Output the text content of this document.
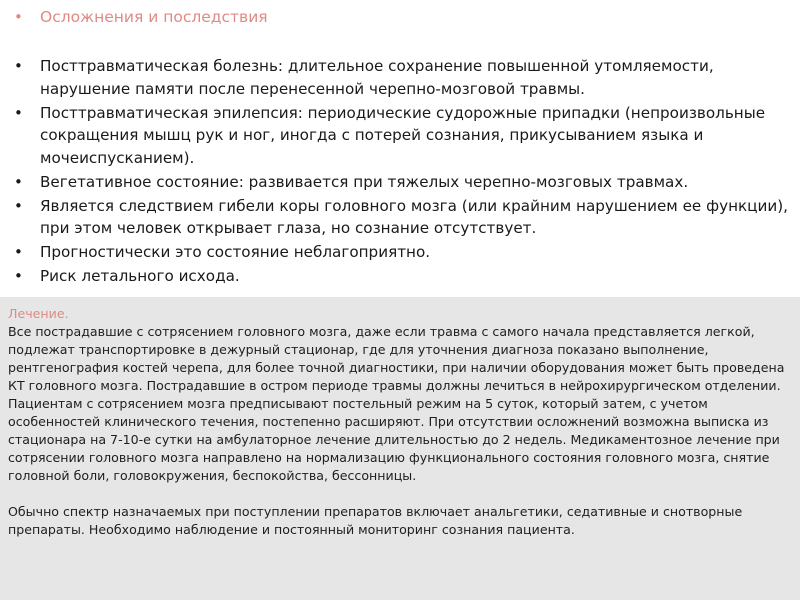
•	Осложнения и последствия
•	Посттравматическая болезнь: длительное сохранение повышенной утомляемости, нарушение памяти после перенесенной черепно-мозговой травмы.
•	Посттравматическая эпилепсия: периодические судорожные припадки (непроизвольные сокращения мышц рук и ног, иногда с потерей сознания, прикусыванием языка и мочеиспусканием).
•	Вегетативное состояние: развивается при тяжелых черепно-мозговых травмах.
•	Является следствием гибели коры головного мозга (или крайним нарушением ее функции), при этом человек открывает глаза, но сознание отсутствует.
•	Прогностически это состояние неблагоприятно.
•	Риск летального исхода.
Лечение.

Все пострадавшие с сотрясением головного мозга, даже если травма с самого начала представляется легкой, подлежат транспортировке в дежурный стационар, где для уточнения диагноза показано выполнение, рентгенография костей черепа, для более точной диагностики, при наличии оборудования может быть проведена КТ головного мозга. Пострадавшие в остром периоде травмы должны лечиться в нейрохирургическом отделении. Пациентам с сотрясением мозга предписывают постельный режим на 5 суток, который затем, с учетом особенностей клинического течения, постепенно расширяют. При отсутствии осложнений возможна выписка из стационара на 7-10-е сутки на амбулаторное лечение длительностью до 2 недель. Медикаментозное лечение при сотрясении головного мозга направлено на нормализацию функционального состояния головного мозга, снятие головной боли, головокружения, беспокойства, бессонницы.

Обычно спектр назначаемых при поступлении препаратов включает анальгетики, седативные и снотворные препараты. Необходимо наблюдение и постоянный мониторинг сознания пациента.
